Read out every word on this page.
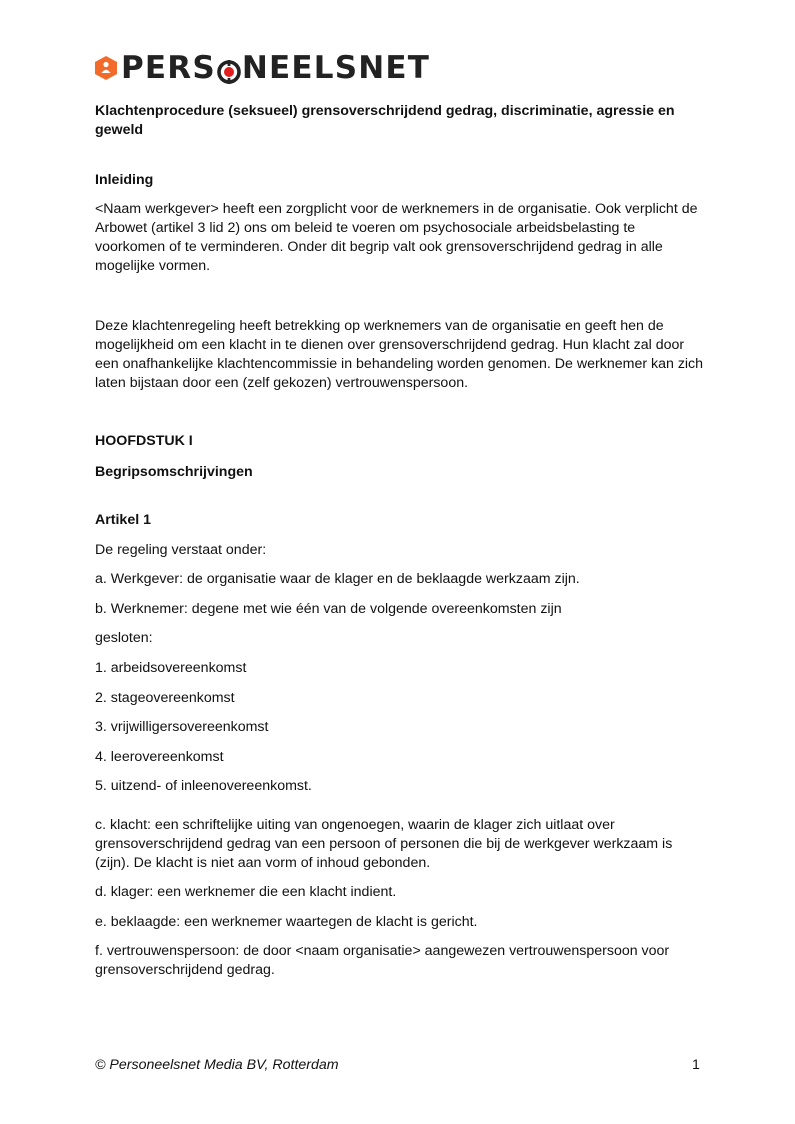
PERS NEELSNET
Klachtenprocedure (seksueel) grensoverschrijdend gedrag, discriminatie, agressie en geweld
Inleiding
<Naam werkgever> heeft een zorgplicht voor de werknemers in de organisatie. Ook verplicht de Arbowet (artikel 3 lid 2) ons om beleid te voeren om psychosociale arbeidsbelasting te voorkomen of te verminderen. Onder dit begrip valt ook grensoverschrijdend gedrag in alle mogelijke vormen.
Deze klachtenregeling heeft betrekking op werknemers van de organisatie en geeft hen de mogelijkheid om een klacht in te dienen over grensoverschrijdend gedrag. Hun klacht zal door een onafhankelijke klachtencommissie in behandeling worden genomen. De werknemer kan zich laten bijstaan door een (zelf gekozen) vertrouwenspersoon.
HOOFDSTUK I
Begripsomschrijvingen
Artikel 1
De regeling verstaat onder:
a. Werkgever: de organisatie waar de klager en de beklaagde werkzaam zijn.
b. Werknemer: degene met wie één van de volgende overeenkomsten zijn
gesloten:
1. arbeidsovereenkomst
2. stageovereenkomst
3. vrijwilligersovereenkomst
4. leerovereenkomst
5. uitzend- of inleenovereenkomst.
c. klacht: een schriftelijke uiting van ongenoegen, waarin de klager zich uitlaat over grensoverschrijdend gedrag van een persoon of personen die bij de werkgever werkzaam is (zijn). De klacht is niet aan vorm of inhoud gebonden.
d. klager: een werknemer die een klacht indient.
e. beklaagde: een werknemer waartegen de klacht is gericht.
f. vertrouwenspersoon: de door <naam organisatie> aangewezen vertrouwenspersoon voor grensoverschrijdend gedrag.
© Personeelsnet Media BV, Rotterdam	1
